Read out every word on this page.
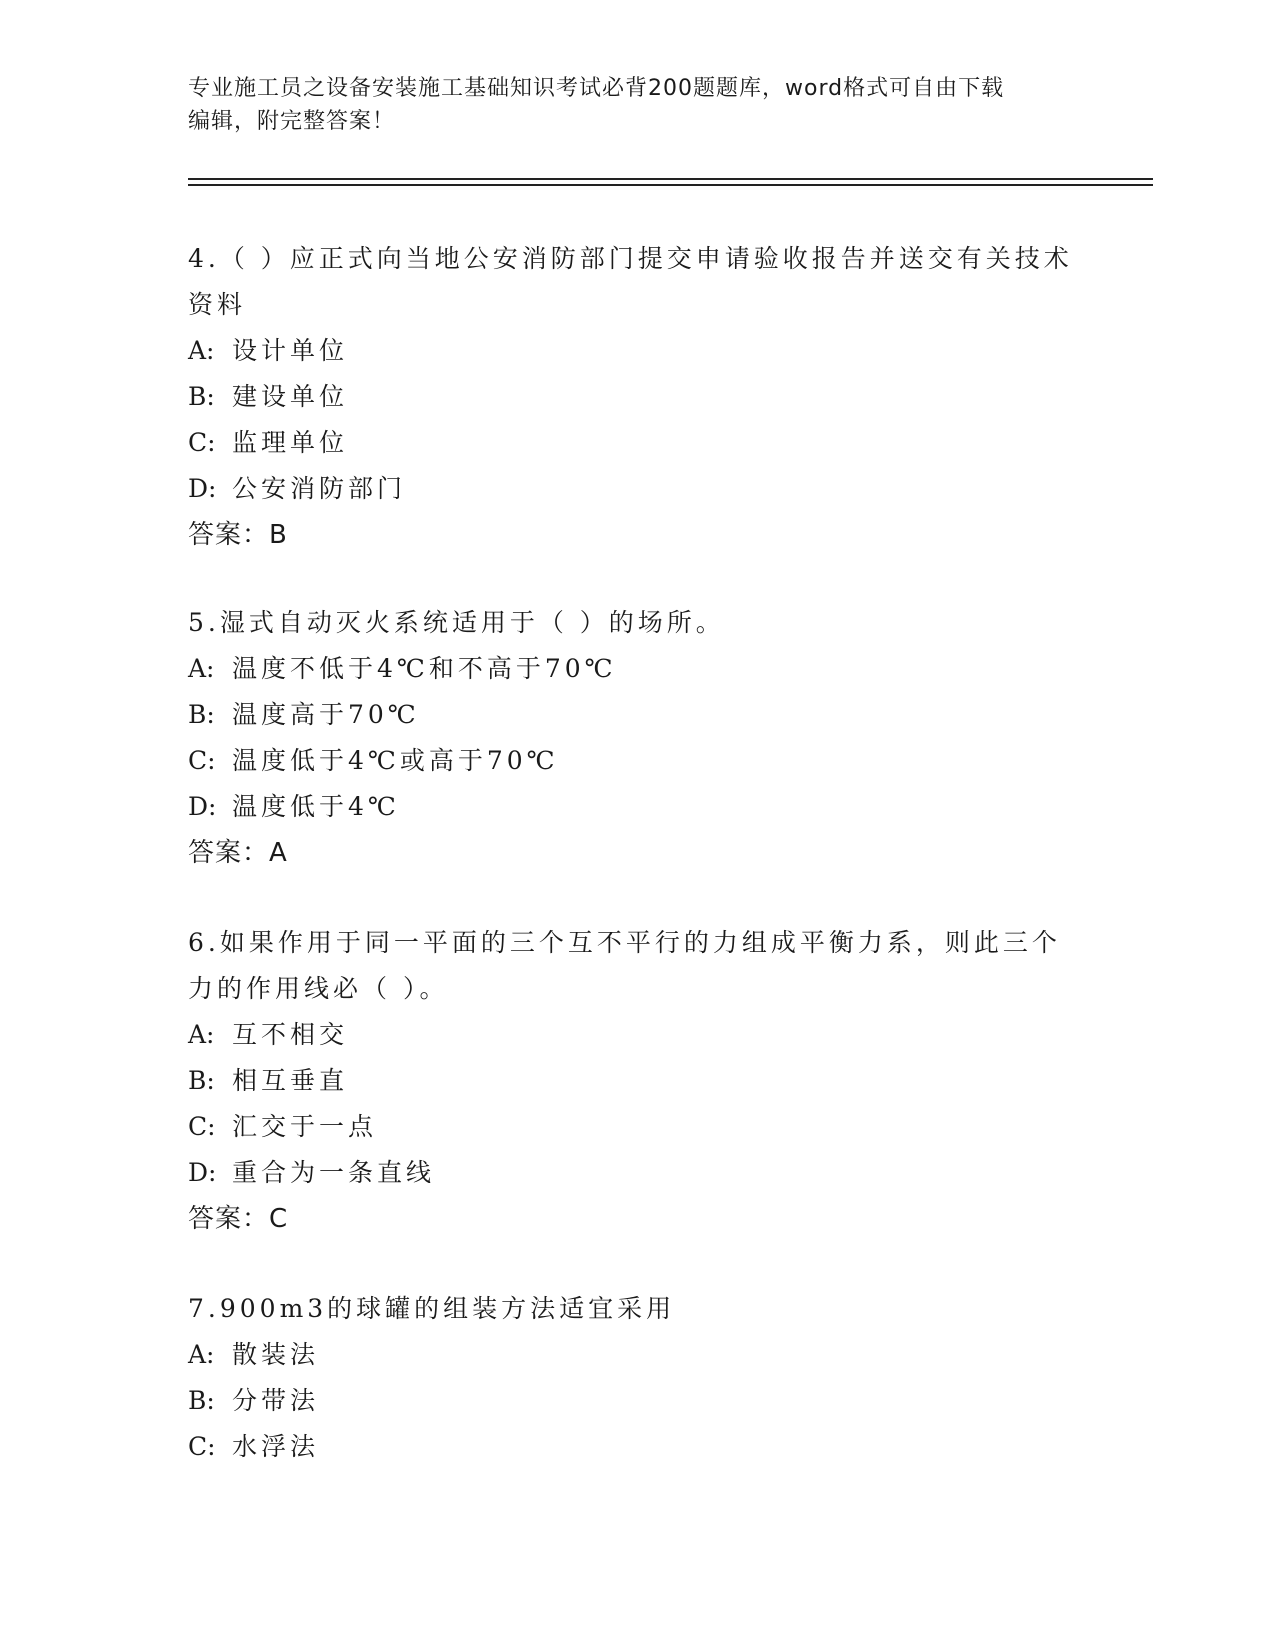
专业施工员之设备安装施工基础知识考试必背200题题库，word格式可自由下载
编辑，附完整答案！
4.（ ）应正式向当地公安消防部门提交申请验收报告并送交有关技术
资料
A: 设计单位
B: 建设单位
C: 监理单位
D: 公安消防部门
答案：B
5.湿式自动灭火系统适用于（ ）的场所。
A: 温度不低于4℃和不高于70℃
B: 温度高于70℃
C: 温度低于4℃或高于70℃
D: 温度低于4℃
答案：A
6.如果作用于同一平面的三个互不平行的力组成平衡力系，则此三个
力的作用线必（ ）。
A: 互不相交
B: 相互垂直
C: 汇交于一点
D: 重合为一条直线
答案：C
7.900m3的球罐的组装方法适宜采用
A: 散装法
B: 分带法
C: 水浮法
